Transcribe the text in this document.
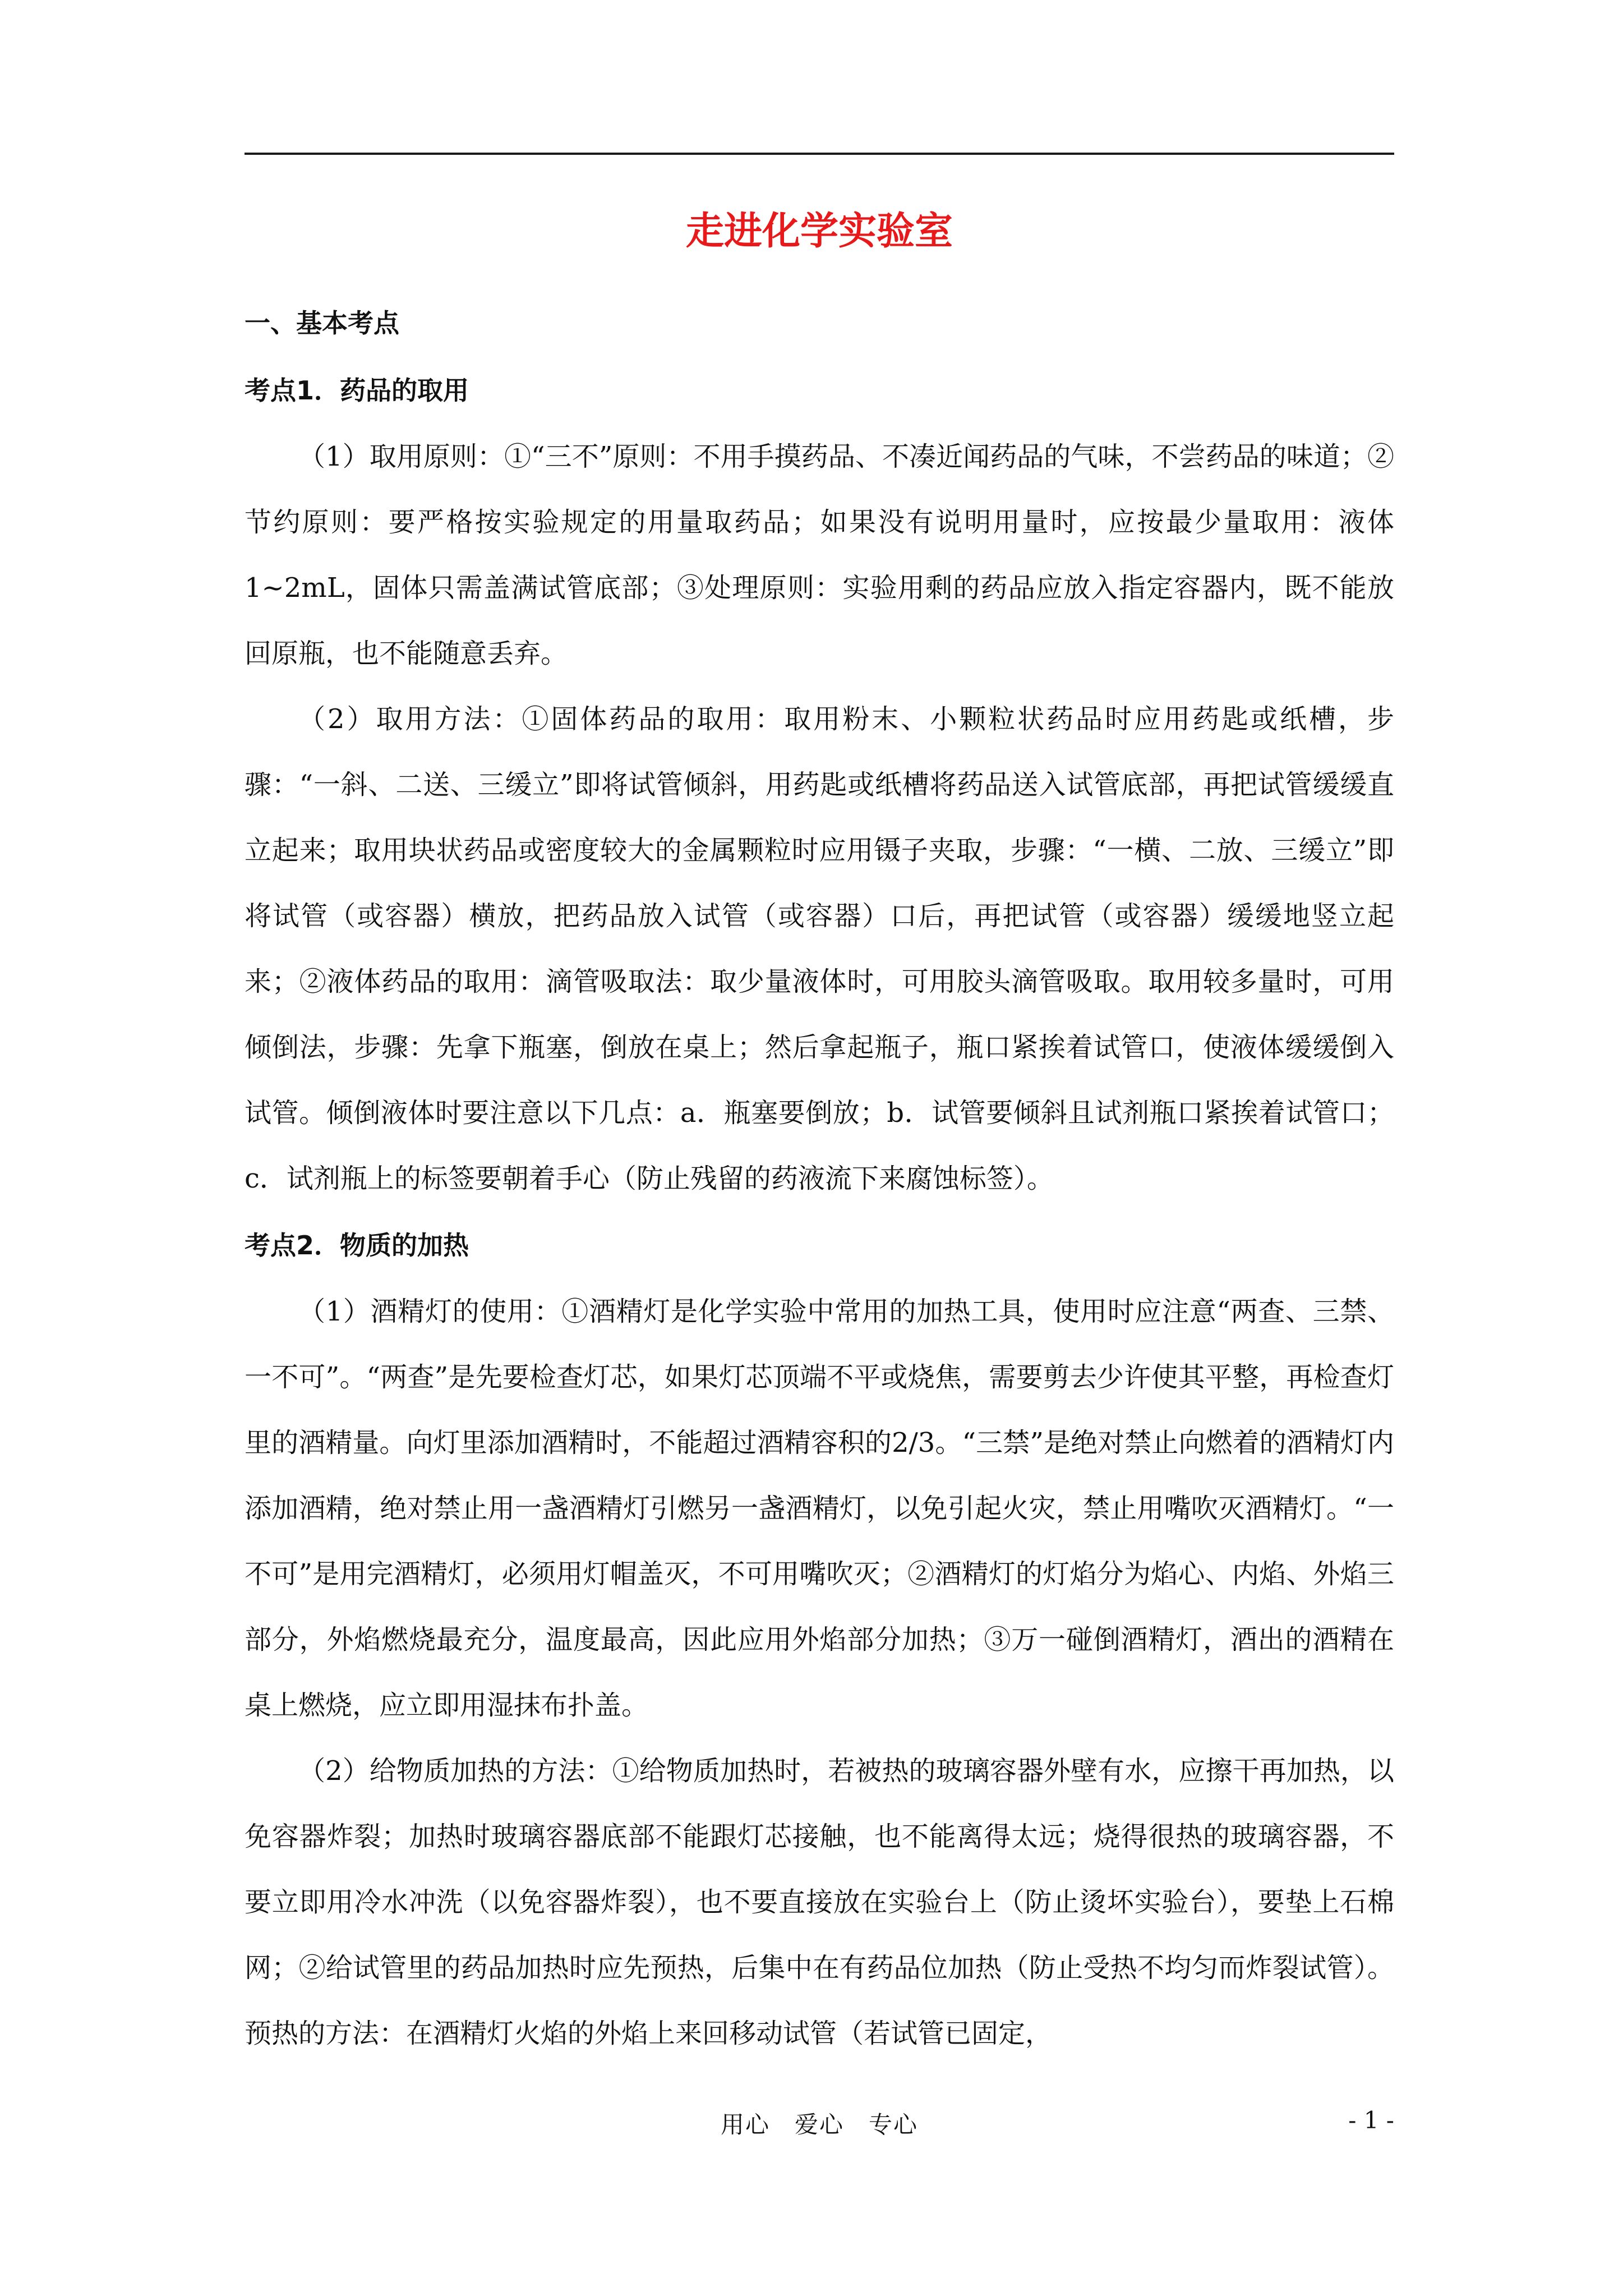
走进化学实验室
一、基本考点
考点1．药品的取用

（1）取用原则：①“三不”原则：不用手摸药品、不凑近闻药品的气味，不尝药品的味道；②节约原则：要严格按实验规定的用量取药品；如果没有说明用量时，应按最少量取用：液体1~2mL，固体只需盖满试管底部；③处理原则：实验用剩的药品应放入指定容器内，既不能放回原瓶，也不能随意丢弃。

（2）取用方法：①固体药品的取用：取用粉末、小颗粒状药品时应用药匙或纸槽，步骤：“一斜、二送、三缓立”即将试管倾斜，用药匙或纸槽将药品送入试管底部，再把试管缓缓直立起来；取用块状药品或密度较大的金属颗粒时应用镊子夹取，步骤：“一横、二放、三缓立”即将试管（或容器）横放，把药品放入试管（或容器）口后，再把试管（或容器）缓缓地竖立起来；②液体药品的取用：滴管吸取法：取少量液体时，可用胶头滴管吸取。取用较多量时，可用倾倒法，步骤：先拿下瓶塞，倒放在桌上；然后拿起瓶子，瓶口紧挨着试管口，使液体缓缓倒入试管。倾倒液体时要注意以下几点：a．瓶塞要倒放；b．试管要倾斜且试剂瓶口紧挨着试管口；c．试剂瓶上的标签要朝着手心（防止残留的药液流下来腐蚀标签）。

考点2．物质的加热

（1）酒精灯的使用：①酒精灯是化学实验中常用的加热工具，使用时应注意“两查、三禁、一不可”。“两查”是先要检查灯芯，如果灯芯顶端不平或烧焦，需要剪去少许使其平整，再检查灯里的酒精量。向灯里添加酒精时，不能超过酒精容积的2/3。“三禁”是绝对禁止向燃着的酒精灯内添加酒精，绝对禁止用一盏酒精灯引燃另一盏酒精灯，以免引起火灾，禁止用嘴吹灭酒精灯。“一不可”是用完酒精灯，必须用灯帽盖灭，不可用嘴吹灭；②酒精灯的灯焰分为焰心、内焰、外焰三部分，外焰燃烧最充分，温度最高，因此应用外焰部分加热；③万一碰倒酒精灯，酒出的酒精在桌上燃烧，应立即用湿抹布扑盖。

（2）给物质加热的方法：①给物质加热时，若被热的玻璃容器外壁有水，应擦干再加热，以免容器炸裂；加热时玻璃容器底部不能跟灯芯接触，也不能离得太远；烧得很热的玻璃容器，不要立即用冷水冲洗（以免容器炸裂），也不要直接放在实验台上（防止烫坏实验台），要垫上石棉网；②给试管里的药品加热时应先预热，后集中在有药品位加热（防止受热不均匀而炸裂试管）。预热的方法：在酒精灯火焰的外焰上来回移动试管（若试管已固定，

用心　爱心　专心	- 1 -
